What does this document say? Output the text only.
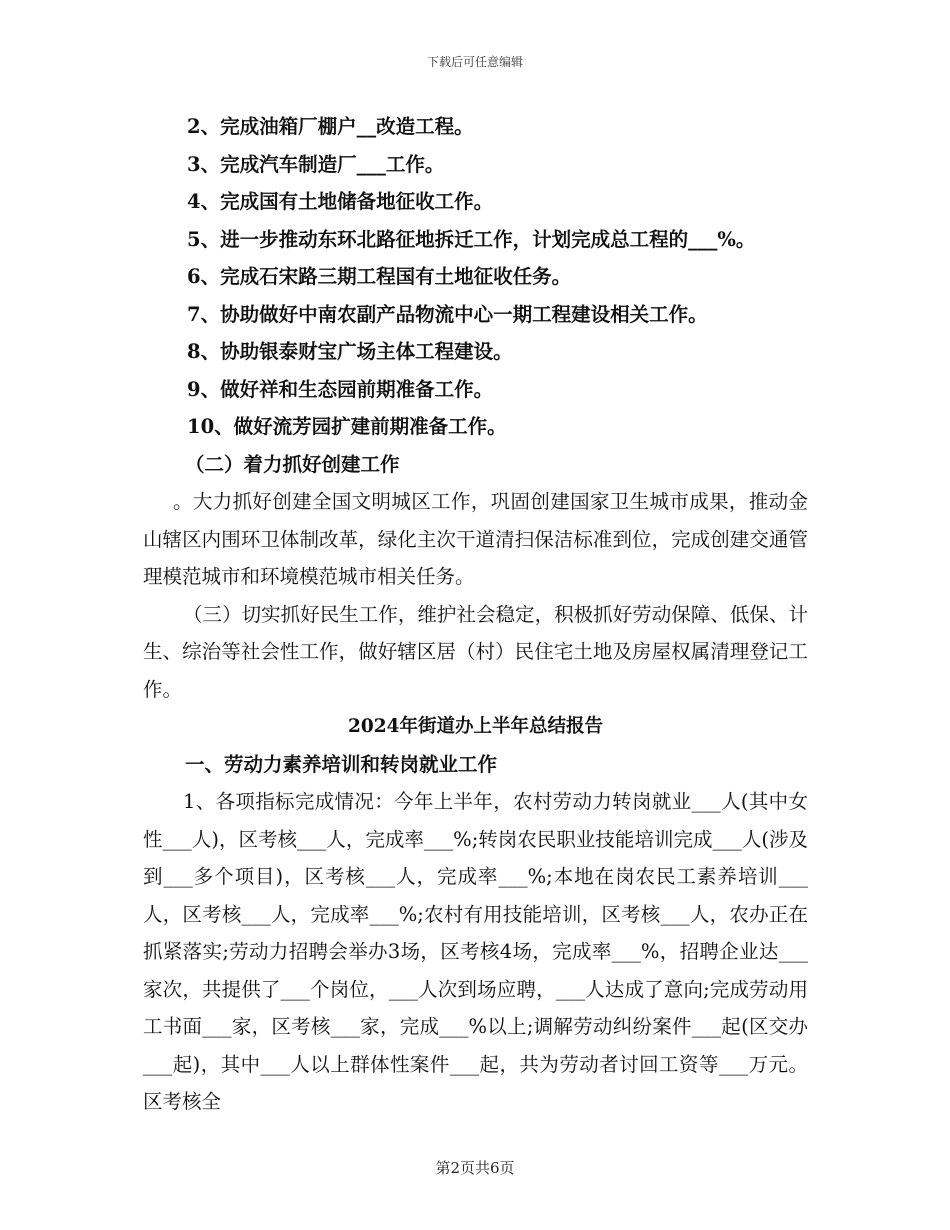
下载后可任意编辑
2、完成油箱厂棚户__改造工程。
3、完成汽车制造厂___工作。
4、完成国有土地储备地征收工作。
5、进一步推动东环北路征地拆迁工作，计划完成总工程的___%。
6、完成石宋路三期工程国有土地征收任务。
7、协助做好中南农副产品物流中心一期工程建设相关工作。
8、协助银泰财宝广场主体工程建设。
9、做好祥和生态园前期准备工作。
10、做好流芳园扩建前期准备工作。
（二）着力抓好创建工作

。大力抓好创建全国文明城区工作，巩固创建国家卫生城市成果，推动金山辖区内围环卫体制改革，绿化主次干道清扫保洁标准到位，完成创建交通管理模范城市和环境模范城市相关任务。

（三）切实抓好民生工作，维护社会稳定，积极抓好劳动保障、低保、计生、综治等社会性工作，做好辖区居（村）民住宅土地及房屋权属清理登记工作。

2024年街道办上半年总结报告
一、劳动力素养培训和转岗就业工作

1、各项指标完成情况：今年上半年，农村劳动力转岗就业___人(其中女性___人)，区考核___人，完成率___%;转岗农民职业技能培训完成___人(涉及到___多个项目)，区考核___人，完成率___%;本地在岗农民工素养培训___人，区考核___人，完成率___%;农村有用技能培训，区考核___人，农办正在抓紧落实;劳动力招聘会举办3场，区考核4场，完成率___%，招聘企业达___家次，共提供了___个岗位，___人次到场应聘，___人达成了意向;完成劳动用工书面___家，区考核___家，完成___%以上;调解劳动纠纷案件___起(区交办___起)，其中___人以上群体性案件___起，共为劳动者讨回工资等___万元。区考核全

第2页共6页
